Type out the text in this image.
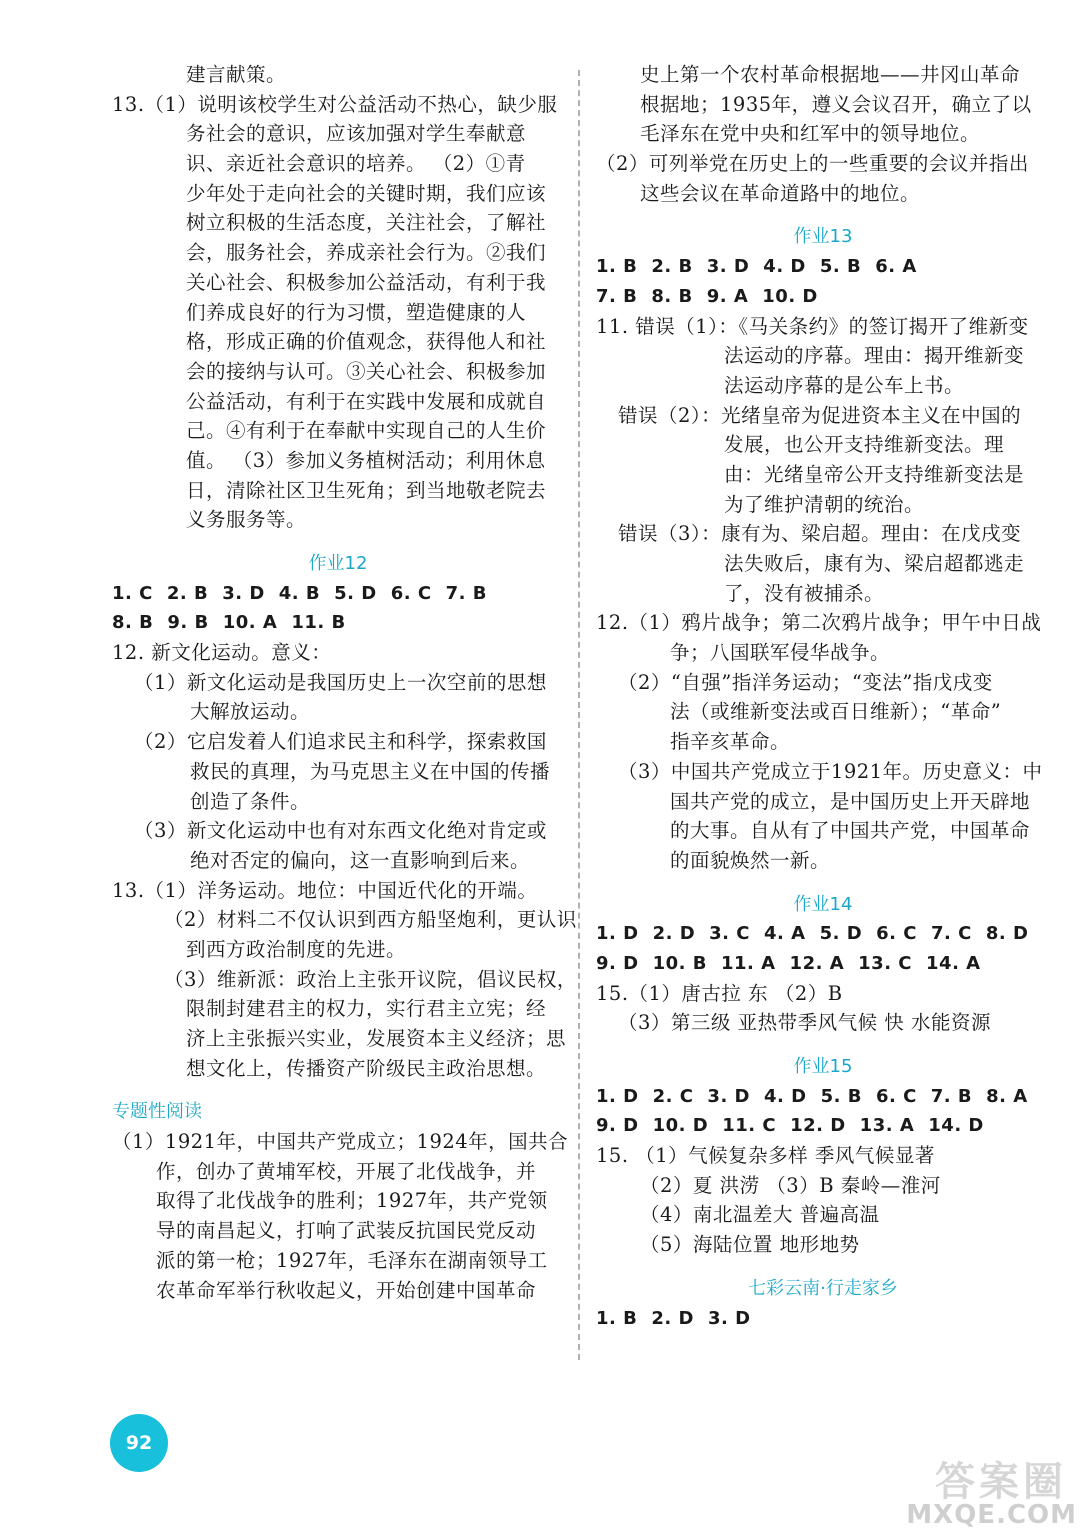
建言献策。
13.（1）说明该校学生对公益活动不热心，缺少服
务社会的意识，应该加强对学生奉献意
识、亲近社会意识的培养。 （2）①青
少年处于走向社会的关键时期，我们应该
树立积极的生活态度，关注社会，了解社
会，服务社会，养成亲社会行为。②我们
关心社会、积极参加公益活动，有利于我
们养成良好的行为习惯，塑造健康的人
格，形成正确的价值观念，获得他人和社
会的接纳与认可。③关心社会、积极参加
公益活动，有利于在实践中发展和成就自
己。④有利于在奉献中实现自己的人生价
值。 （3）参加义务植树活动；利用休息
日，清除社区卫生死角；到当地敬老院去
义务服务等。
作业12
1. C 2. B 3. D 4. B 5. D 6. C 7. B
8. B 9. B 10. A 11. B
12. 新文化运动。意义：
（1）新文化运动是我国历史上一次空前的思想
大解放运动。
（2）它启发着人们追求民主和科学，探索救国
救民的真理，为马克思主义在中国的传播
创造了条件。
（3）新文化运动中也有对东西文化绝对肯定或
绝对否定的偏向，这一直影响到后来。
13.（1）洋务运动。地位：中国近代化的开端。
（2）材料二不仅认识到西方船坚炮利，更认识
到西方政治制度的先进。
（3）维新派：政治上主张开议院，倡议民权，
限制封建君主的权力，实行君主立宪；经
济上主张振兴实业，发展资本主义经济；思
想文化上，传播资产阶级民主政治思想。
专题性阅读
（1）1921年，中国共产党成立；1924年，国共合
作，创办了黄埔军校，开展了北伐战争，并
取得了北伐战争的胜利；1927年，共产党领
导的南昌起义，打响了武装反抗国民党反动
派的第一枪；1927年，毛泽东在湖南领导工
农革命军举行秋收起义，开始创建中国革命
史上第一个农村革命根据地——井冈山革命
根据地；1935年，遵义会议召开，确立了以
毛泽东在党中央和红军中的领导地位。
（2）可列举党在历史上的一些重要的会议并指出
这些会议在革命道路中的地位。
作业13
1. B 2. B 3. D 4. D 5. B 6. A
7. B 8. B 9. A 10. D
11. 错误（1）：《马关条约》的签订揭开了维新变
法运动的序幕。理由：揭开维新变
法运动序幕的是公车上书。
错误（2）：光绪皇帝为促进资本主义在中国的
发展，也公开支持维新变法。理
由：光绪皇帝公开支持维新变法是
为了维护清朝的统治。
错误（3）：康有为、梁启超。理由：在戊戌变
法失败后，康有为、梁启超都逃走
了，没有被捕杀。
12.（1）鸦片战争；第二次鸦片战争；甲午中日战
争；八国联军侵华战争。
（2）“自强”指洋务运动；“变法”指戊戌变
法（或维新变法或百日维新）；“革命”
指辛亥革命。
（3）中国共产党成立于1921年。历史意义：中
国共产党的成立，是中国历史上开天辟地
的大事。自从有了中国共产党，中国革命
的面貌焕然一新。
作业14
1. D 2. D 3. C 4. A 5. D 6. C 7. C 8. D
9. D 10. B 11. A 12. A 13. C 14. A
15.（1）唐古拉 东 （2）B
（3）第三级 亚热带季风气候 快 水能资源
作业15
1. D 2. C 3. D 4. D 5. B 6. C 7. B 8. A
9. D 10. D 11. C 12. D 13. A 14. D
15. （1）气候复杂多样 季风气候显著
（2）夏 洪涝 （3）B 秦岭—淮河
（4）南北温差大 普遍高温
（5）海陆位置 地形地势
七彩云南·行走家乡
1. B 2. D 3. D
92
答案圈
MXQE.COM
